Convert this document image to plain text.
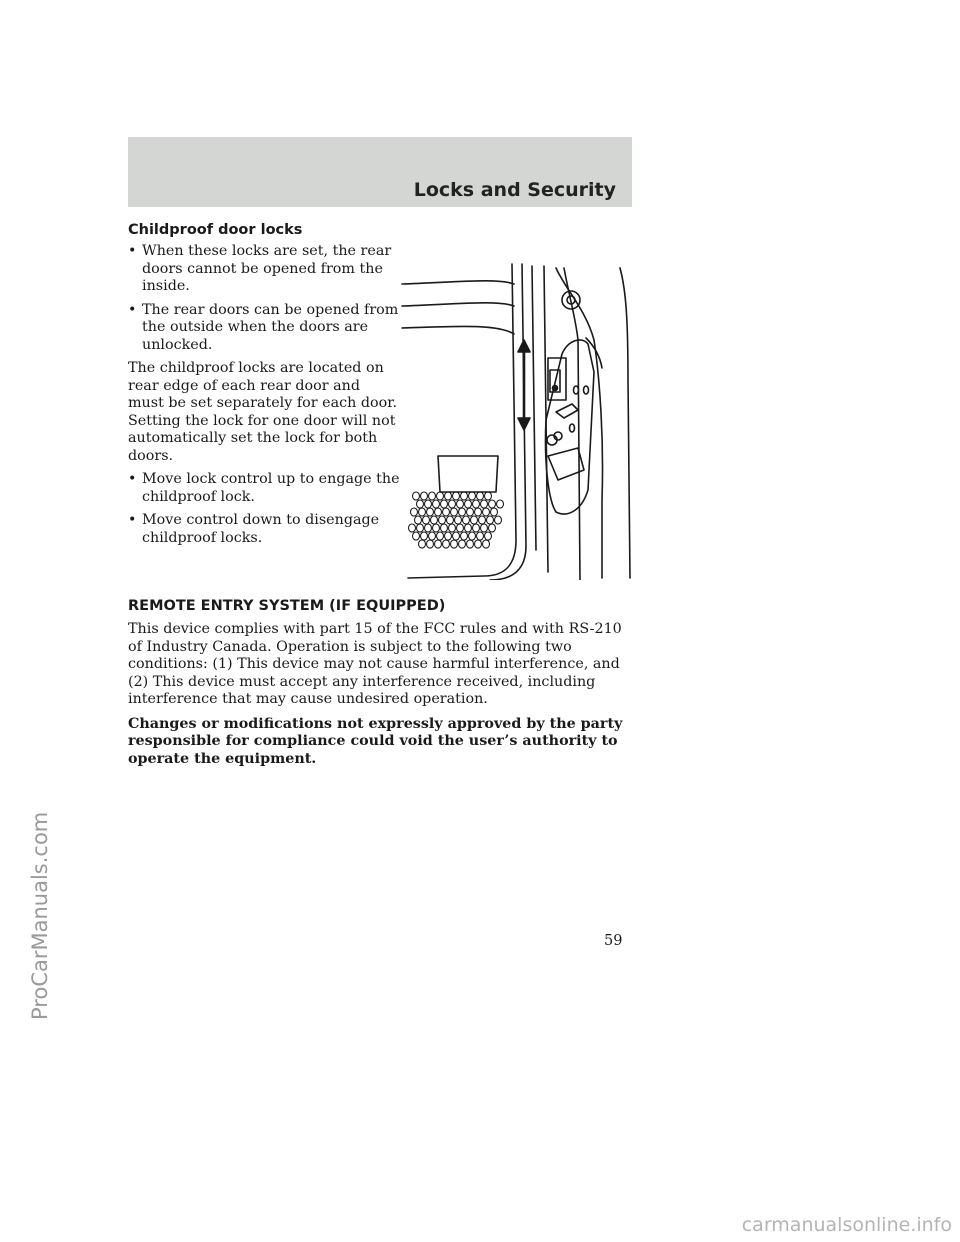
Locks and Security
Childproof door locks

• When these locks are set, the rear doors cannot be opened from the inside.

• The rear doors can be opened from the outside when the doors are unlocked.

The childproof locks are located on rear edge of each rear door and must be set separately for each door. Setting the lock for one door will not automatically set the lock for both doors.

• Move lock control up to engage the childproof lock.

• Move control down to disengage childproof locks.

REMOTE ENTRY SYSTEM (IF EQUIPPED)

This device complies with part 15 of the FCC rules and with RS-210 of Industry Canada. Operation is subject to the following two conditions: (1) This device may not cause harmful interference, and (2) This device must accept any interference received, including interference that may cause undesired operation.

Changes or modifications not expressly approved by the party responsible for compliance could void the user’s authority to operate the equipment.

59
ProCarManuals.com
carmanualsonline.info
